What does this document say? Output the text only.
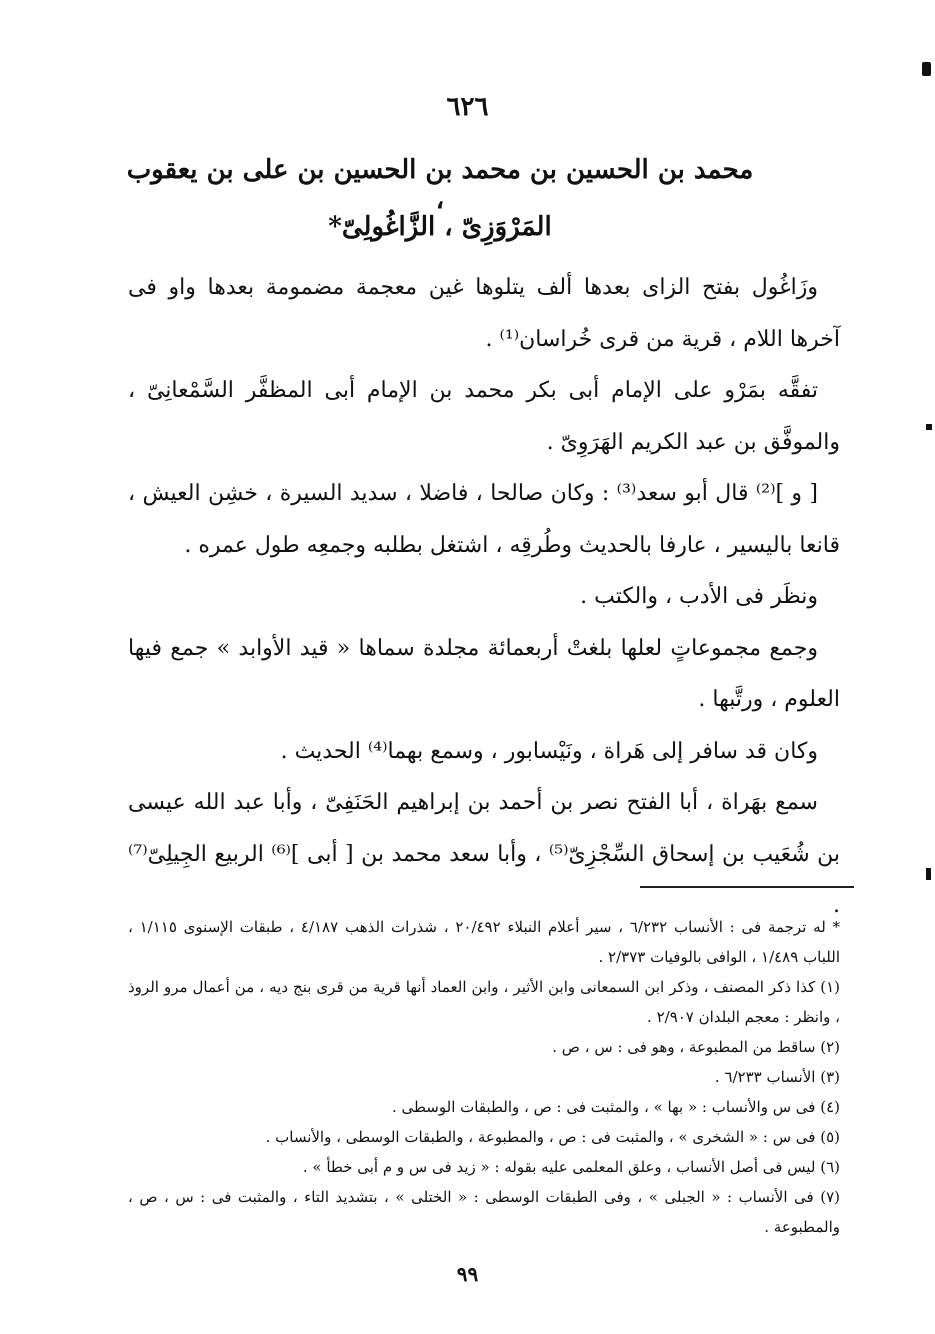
٦٢٦
محمد بن الحسين بن محمد بن الحسين بن على بن يعقوب ،
المَرْوَزِىّ ، الزَّاغُولِىّ*

وزَاغُول بفتح الزاى بعدها ألف يتلوها غين معجمة مضمومة بعدها واو فى آخرها اللام ، قرية من قرى خُراسان⁽¹⁾ .

تفقَّه بمَرْو على الإمام أبى بكر محمد بن الإمام أبى المظفَّر السَّمْعانِىّ ، والموفَّق بن عبد الكريم الهَرَوِىّ .

[ و ]⁽²⁾ قال أبو سعد⁽³⁾ : وكان صالحا ، فاضلا ، سديد السيرة ، خشِن العيش ، قانعا باليسير ، عارفا بالحديث وطُرقِه ، اشتغل بطلبه وجمعِه طول عمره .

ونظَر فى الأدب ، والكتب .

وجمع مجموعاتٍ لعلها بلغتْ أربعمائة مجلدة سماها « قيد الأوابد » جمع فيها العلوم ، ورتَّبها .

وكان قد سافر إلى هَراة ، ونَيْسابور ، وسمع بهما⁽⁴⁾ الحديث .

سمع بهَراة ، أبا الفتح نصر بن أحمد بن إبراهيم الحَنَفِىّ ، وأبا عبد الله عيسى بن شُعَيب بن إسحاق السِّجْزِىّ⁽⁵⁾ ، وأبا سعد محمد بن [ أبى ]⁽⁶⁾ الربيع الجِيلِىّ⁽⁷⁾ .

* له ترجمة فى : الأنساب ٦/٢٣٢ ، سير أعلام النبلاء ٢٠/٤٩٢ ، شذرات الذهب ٤/١٨٧ ، طبقات الإسنوى ١/١١٥ ، اللباب ١/٤٨٩ ، الوافى بالوفيات ٢/٣٧٣ .

(١) كذا ذكر المصنف ، وذكر ابن السمعانى وابن الأثير ، وابن العماد أنها قرية من قرى بنج ديه ، من أعمال مرو الروذ ، وانظر : معجم البلدان ٢/٩٠٧ .

(٢) ساقط من المطبوعة ، وهو فى : س ، ص .

(٣) الأنساب ٦/٢٣٣ .

(٤) فى س والأنساب : « بها » ، والمثبت فى : ص ، والطبقات الوسطى .

(٥) فى س : « الشخرى » ، والمثبت فى : ص ، والمطبوعة ، والطبقات الوسطى ، والأنساب .

(٦) ليس فى أصل الأنساب ، وعلق المعلمى عليه بقوله : « زيد فى س و م أبى خطأ » .

(٧) فى الأنساب : « الجبلى » ، وفى الطبقات الوسطى : « الختلى » ، بتشديد التاء ، والمثبت فى : س ، ص ، والمطبوعة .

٩٩
